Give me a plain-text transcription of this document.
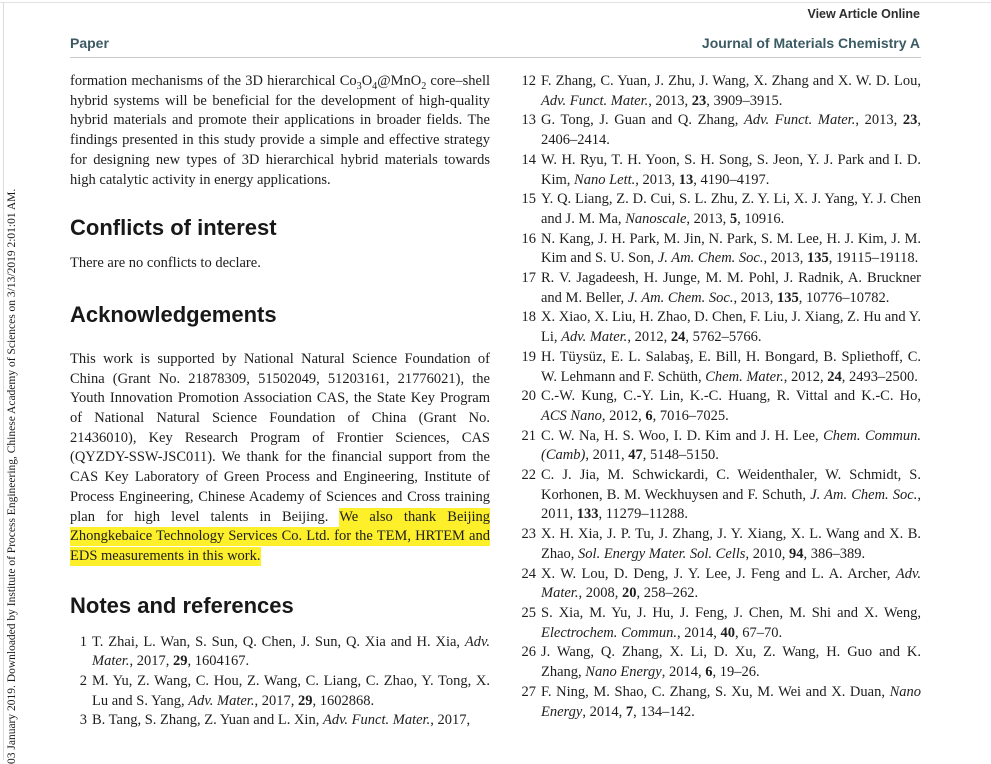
View Article Online
Paper	Journal of Materials Chemistry A
03 January 2019. Downloaded by Institute of Process Engineering, Chinese Academy of Sciences on 3/13/2019 2:01:01 AM.

formation mechanisms of the 3D hierarchical $Co_3O_4@MnO_2$ core–shell hybrid systems will be beneficial for the development of high-quality hybrid materials and promote their applications in broader fields. The findings presented in this study provide a simple and effective strategy for designing new types of 3D hierarchical hybrid materials towards high catalytic activity in energy applications.

Conflicts of interest

There are no conflicts to declare.

Acknowledgements

This work is supported by National Natural Science Foundation of China (Grant No. 21878309, 51502049, 51203161, 21776021), the Youth Innovation Promotion Association CAS, the State Key Program of National Natural Science Foundation of China (Grant No. 21436010), Key Research Program of Frontier Sciences, CAS (QYZDY-SSW-JSC011). We thank for the financial support from the CAS Key Laboratory of Green Process and Engineering, Institute of Process Engineering, Chinese Academy of Sciences and Cross training plan for high level talents in Beijing. We also thank Beijing Zhongkebaice Technology Services Co. Ltd. for the TEM, HRTEM and EDS measurements in this work.

Notes and references
1 T. Zhai, L. Wan, S. Sun, Q. Chen, J. Sun, Q. Xia and H. Xia, Adv. Mater., 2017, 29, 1604167.
2 M. Yu, Z. Wang, C. Hou, Z. Wang, C. Liang, C. Zhao, Y. Tong, X. Lu and S. Yang, Adv. Mater., 2017, 29, 1602868.
3 B. Tang, S. Zhang, Z. Yuan and L. Xin, Adv. Funct. Mater., 2017,
12 F. Zhang, C. Yuan, J. Zhu, J. Wang, X. Zhang and X. W. D. Lou, Adv. Funct. Mater., 2013, 23, 3909–3915.
13 G. Tong, J. Guan and Q. Zhang, Adv. Funct. Mater., 2013, 23, 2406–2414.
14 W. H. Ryu, T. H. Yoon, S. H. Song, S. Jeon, Y. J. Park and I. D. Kim, Nano Lett., 2013, 13, 4190–4197.
15 Y. Q. Liang, Z. D. Cui, S. L. Zhu, Z. Y. Li, X. J. Yang, Y. J. Chen and J. M. Ma, Nanoscale, 2013, 5, 10916.
16 N. Kang, J. H. Park, M. Jin, N. Park, S. M. Lee, H. J. Kim, J. M. Kim and S. U. Son, J. Am. Chem. Soc., 2013, 135, 19115–19118.
17 R. V. Jagadeesh, H. Junge, M. M. Pohl, J. Radnik, A. Bruckner and M. Beller, J. Am. Chem. Soc., 2013, 135, 10776–10782.
18 X. Xiao, X. Liu, H. Zhao, D. Chen, F. Liu, J. Xiang, Z. Hu and Y. Li, Adv. Mater., 2012, 24, 5762–5766.
19 H. Tüysüz, E. L. Salabaş, E. Bill, H. Bongard, B. Spliethoff, C. W. Lehmann and F. Schüth, Chem. Mater., 2012, 24, 2493–2500.
20 C.-W. Kung, C.-Y. Lin, K.-C. Huang, R. Vittal and K.-C. Ho, ACS Nano, 2012, 6, 7016–7025.
21 C. W. Na, H. S. Woo, I. D. Kim and J. H. Lee, Chem. Commun. (Camb), 2011, 47, 5148–5150.
22 C. J. Jia, M. Schwickardi, C. Weidenthaler, W. Schmidt, S. Korhonen, B. M. Weckhuysen and F. Schuth, J. Am. Chem. Soc., 2011, 133, 11279–11288.
23 X. H. Xia, J. P. Tu, J. Zhang, J. Y. Xiang, X. L. Wang and X. B. Zhao, Sol. Energy Mater. Sol. Cells, 2010, 94, 386–389.
24 X. W. Lou, D. Deng, J. Y. Lee, J. Feng and L. A. Archer, Adv. Mater., 2008, 20, 258–262.
25 S. Xia, M. Yu, J. Hu, J. Feng, J. Chen, M. Shi and X. Weng, Electrochem. Commun., 2014, 40, 67–70.
26 J. Wang, Q. Zhang, X. Li, D. Xu, Z. Wang, H. Guo and K. Zhang, Nano Energy, 2014, 6, 19–26.
27 F. Ning, M. Shao, C. Zhang, S. Xu, M. Wei and X. Duan, Nano Energy, 2014, 7, 134–142.
